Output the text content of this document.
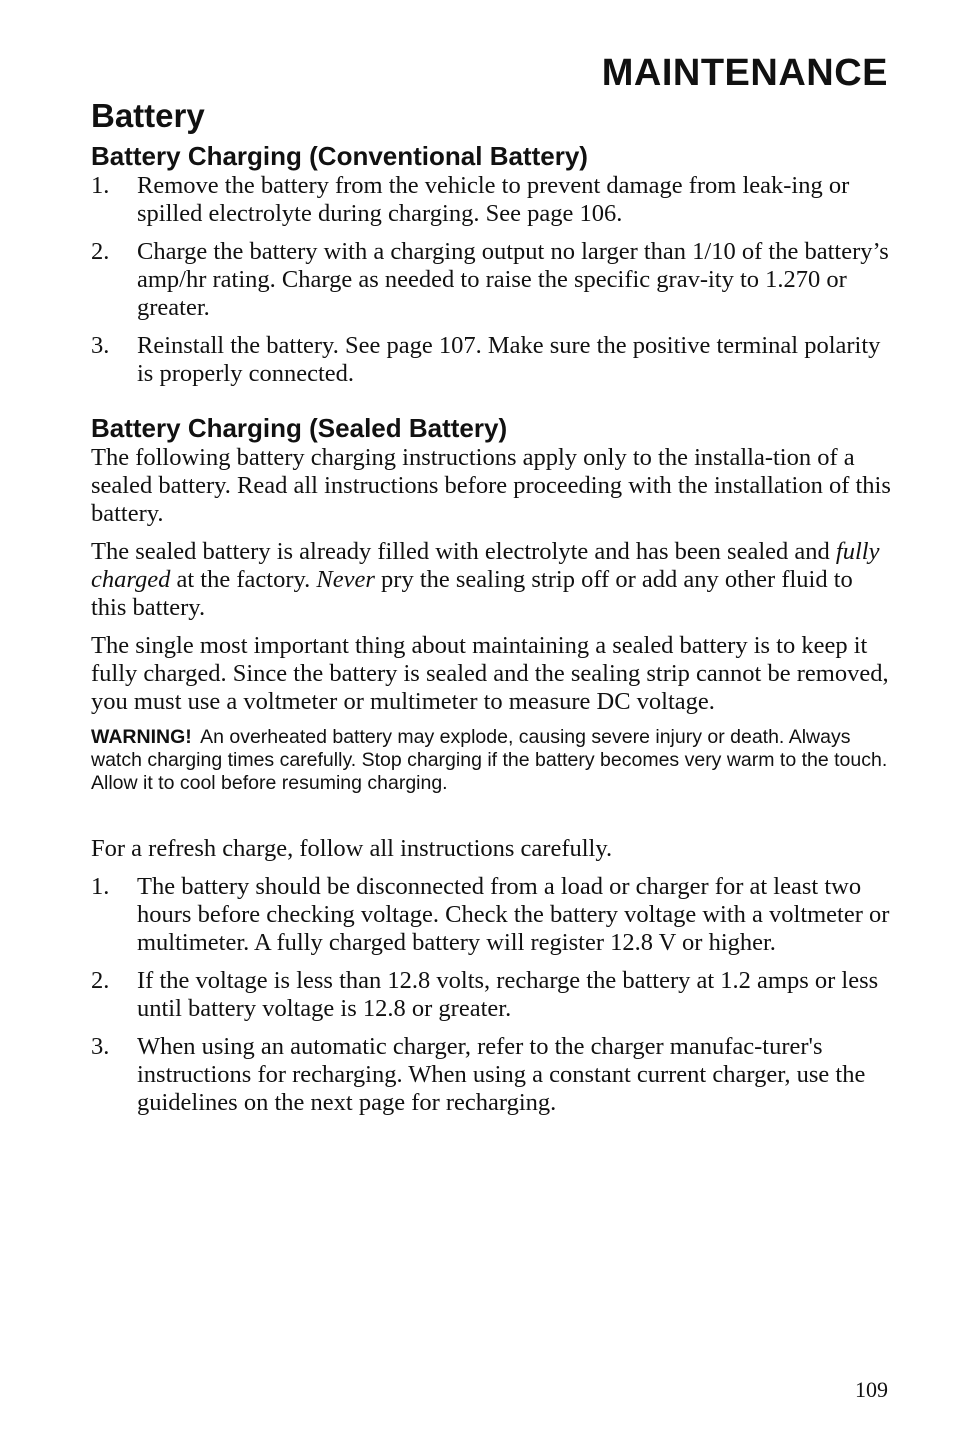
MAINTENANCE
Battery
Battery Charging (Conventional Battery)
1. Remove the battery from the vehicle to prevent damage from leak-ing or spilled electrolyte during charging. See page 106.
2. Charge the battery with a charging output no larger than 1/10 of the battery’s amp/hr rating. Charge as needed to raise the specific grav-ity to 1.270 or greater.
3. Reinstall the battery. See page 107. Make sure the positive terminal polarity is properly connected.
Battery Charging (Sealed Battery)

The following battery charging instructions apply only to the installa-tion of a sealed battery. Read all instructions before proceeding with the installation of this battery.

The sealed battery is already filled with electrolyte and has been sealed and fully charged at the factory. Never pry the sealing strip off or add any other fluid to this battery.

The single most important thing about maintaining a sealed battery is to keep it fully charged. Since the battery is sealed and the sealing strip cannot be removed, you must use a voltmeter or multimeter to measure DC voltage.

WARNING! An overheated battery may explode, causing severe injury or death. Always watch charging times carefully. Stop charging if the battery becomes very warm to the touch. Allow it to cool before resuming charging.

For a refresh charge, follow all instructions carefully.

1. The battery should be disconnected from a load or charger for at least two hours before checking voltage. Check the battery voltage with a voltmeter or multimeter. A fully charged battery will register 12.8 V or higher.
2. If the voltage is less than 12.8 volts, recharge the battery at 1.2 amps or less until battery voltage is 12.8 or greater.
3. When using an automatic charger, refer to the charger manufac-turer's instructions for recharging. When using a constant current charger, use the guidelines on the next page for recharging.
109
